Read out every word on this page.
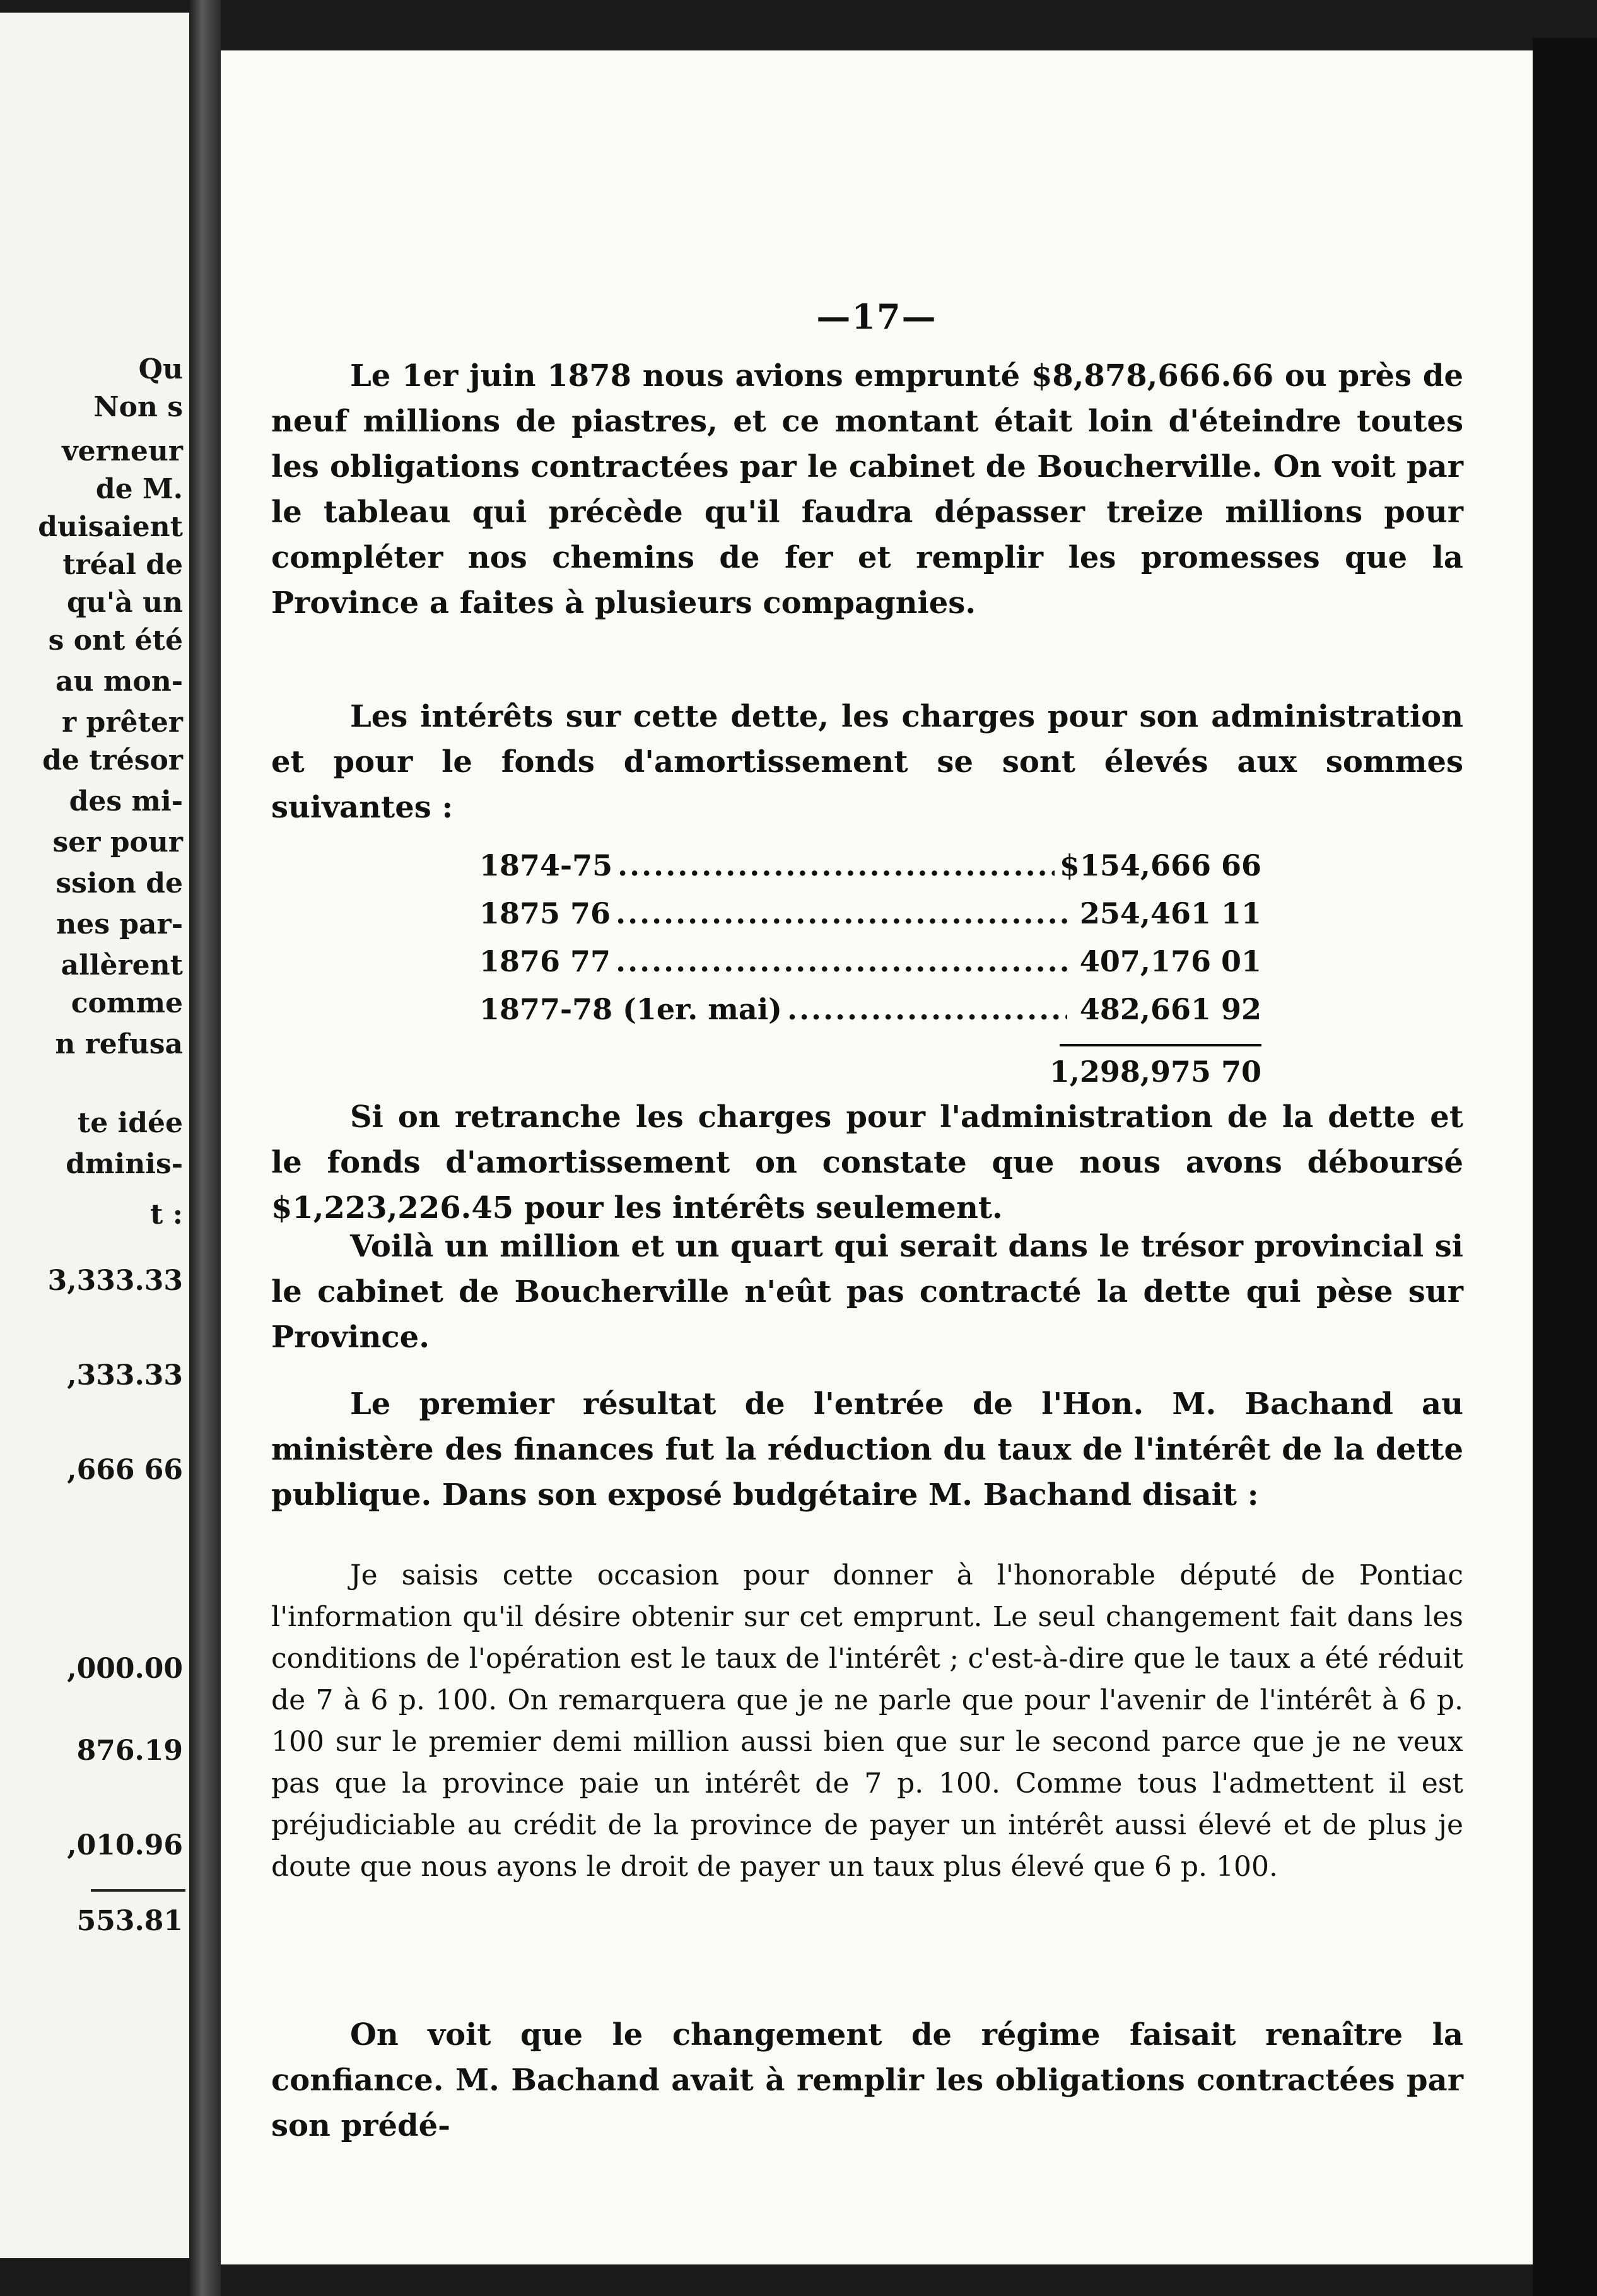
Qu
Non s
verneur
de M.
duisaient
tréal de
qu'à un
s ont été
au mon-
r prêter
de trésor
des mi-
ser pour
ssion de
nes par-
allèrent
comme
n refusa
te idée
dminis-
t :
3,333.33
,333.33
,666 66
,000.00
876.19
,010.96
553.81
—17—

Le 1er juin 1878 nous avions emprunté $8,878,666.66 ou près de neuf millions de piastres, et ce montant était loin d'éteindre toutes les obligations contractées par le cabinet de Boucherville. On voit par le tableau qui précède qu'il faudra dépasser treize millions pour compléter nos chemins de fer et remplir les promesses que la Province a faites à plusieurs compagnies.

Les intérêts sur cette dette, les charges pour son administration et pour le fonds d'amortissement se sont élevés aux sommes suivantes :

1874-75 .....	$154,666 66
1875 76 .....	254,461 11
1876 77 .....	407,176 01
1877-78 (1er. mai) .....	482,661 92
1,298,975 70

Si on retranche les charges pour l'administration de la dette et le fonds d'amortissement on constate que nous avons déboursé $1,223,226.45 pour les intérêts seulement.

Voilà un million et un quart qui serait dans le trésor provincial si le cabinet de Boucherville n'eût pas contracté la dette qui pèse sur Province.

Le premier résultat de l'entrée de l'Hon. M. Bachand au ministère des finances fut la réduction du taux de l'intérêt de la dette publique. Dans son exposé budgétaire M. Bachand disait :

Je saisis cette occasion pour donner à l'honorable député de Pontiac l'information qu'il désire obtenir sur cet emprunt. Le seul changement fait dans les conditions de l'opération est le taux de l'intérêt ; c'est-à-dire que le taux a été réduit de 7 à 6 p. 100. On remarquera que je ne parle que pour l'avenir de l'intérêt à 6 p. 100 sur le premier demi million aussi bien que sur le second parce que je ne veux pas que la province paie un intérêt de 7 p. 100. Comme tous l'admettent il est préjudiciable au crédit de la province de payer un intérêt aussi élevé et de plus je doute que nous ayons le droit de payer un taux plus élevé que 6 p. 100.

On voit que le changement de régime faisait renaître la confiance. M. Bachand avait à remplir les obligations contractées par son prédé-
